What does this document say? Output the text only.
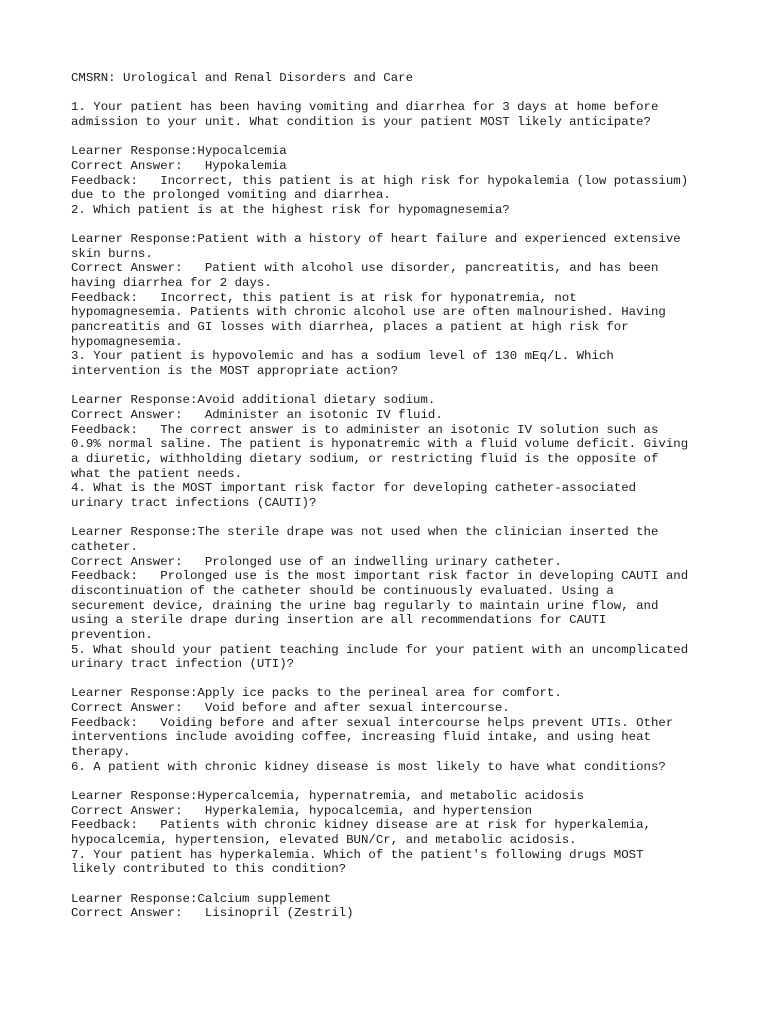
CMSRN: Urological and Renal Disorders and Care
1. Your patient has been having vomiting and diarrhea for 3 days at home before
admission to your unit. What condition is your patient MOST likely anticipate?
Learner Response:Hypocalcemia
Correct Answer:   Hypokalemia
Feedback:   Incorrect, this patient is at high risk for hypokalemia (low potassium)
due to the prolonged vomiting and diarrhea.
2. Which patient is at the highest risk for hypomagnesemia?
Learner Response:Patient with a history of heart failure and experienced extensive
skin burns.
Correct Answer:   Patient with alcohol use disorder, pancreatitis, and has been
having diarrhea for 2 days.
Feedback:   Incorrect, this patient is at risk for hyponatremia, not
hypomagnesemia. Patients with chronic alcohol use are often malnourished. Having
pancreatitis and GI losses with diarrhea, places a patient at high risk for
hypomagnesemia.
3. Your patient is hypovolemic and has a sodium level of 130 mEq/L. Which
intervention is the MOST appropriate action?
Learner Response:Avoid additional dietary sodium.
Correct Answer:   Administer an isotonic IV fluid.
Feedback:   The correct answer is to administer an isotonic IV solution such as
0.9% normal saline. The patient is hyponatremic with a fluid volume deficit. Giving
a diuretic, withholding dietary sodium, or restricting fluid is the opposite of
what the patient needs.
4. What is the MOST important risk factor for developing catheter-associated
urinary tract infections (CAUTI)?
Learner Response:The sterile drape was not used when the clinician inserted the
catheter.
Correct Answer:   Prolonged use of an indwelling urinary catheter.
Feedback:   Prolonged use is the most important risk factor in developing CAUTI and
discontinuation of the catheter should be continuously evaluated. Using a
securement device, draining the urine bag regularly to maintain urine flow, and
using a sterile drape during insertion are all recommendations for CAUTI
prevention.
5. What should your patient teaching include for your patient with an uncomplicated
urinary tract infection (UTI)?
Learner Response:Apply ice packs to the perineal area for comfort.
Correct Answer:   Void before and after sexual intercourse.
Feedback:   Voiding before and after sexual intercourse helps prevent UTIs. Other
interventions include avoiding coffee, increasing fluid intake, and using heat
therapy.
6. A patient with chronic kidney disease is most likely to have what conditions?
Learner Response:Hypercalcemia, hypernatremia, and metabolic acidosis
Correct Answer:   Hyperkalemia, hypocalcemia, and hypertension
Feedback:   Patients with chronic kidney disease are at risk for hyperkalemia,
hypocalcemia, hypertension, elevated BUN/Cr, and metabolic acidosis.
7. Your patient has hyperkalemia. Which of the patient's following drugs MOST
likely contributed to this condition?
Learner Response:Calcium supplement
Correct Answer:   Lisinopril (Zestril)
